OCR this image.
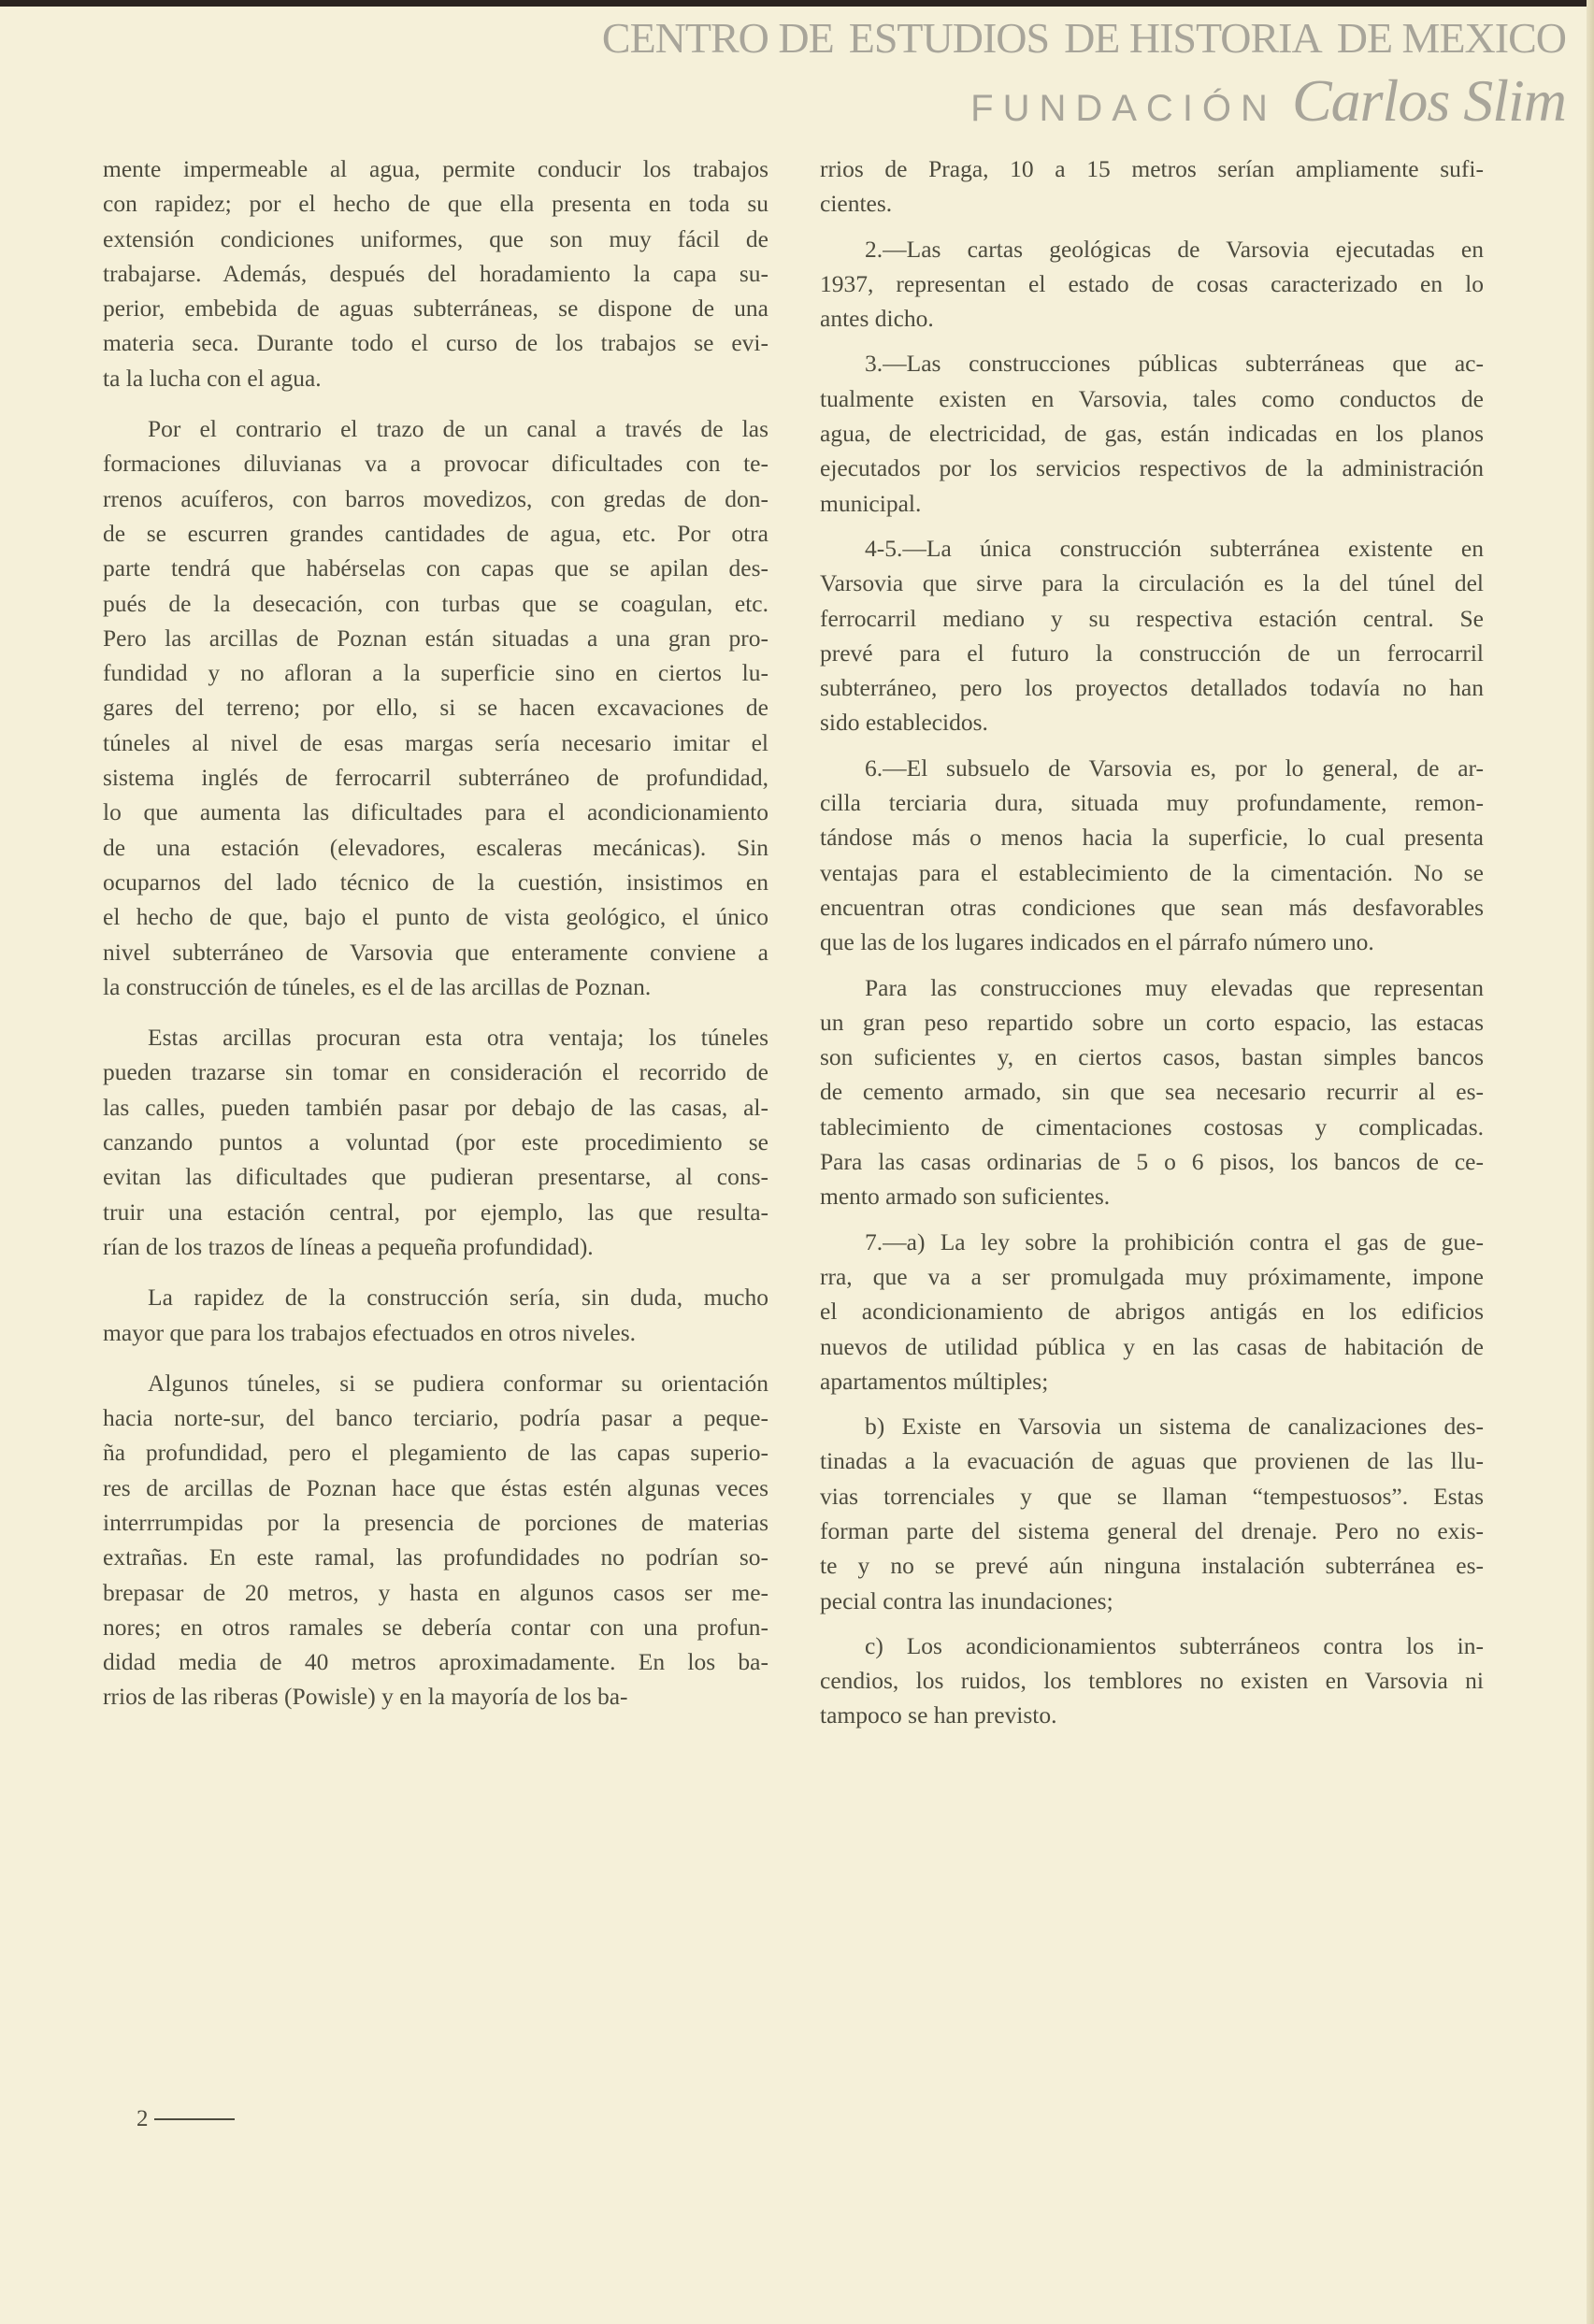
mente impermeable al agua, permite conducir los trabajos
con rapidez; por el hecho de que ella presenta en toda su
extensión condiciones uniformes, que son muy fácil de
trabajarse. Además, después del horadamiento la capa su-
perior, embebida de aguas subterráneas, se dispone de una
materia seca. Durante todo el curso de los trabajos se evi-
ta la lucha con el agua.
Por el contrario el trazo de un canal a través de las
formaciones diluvianas va a provocar dificultades con te-
rrenos acuíferos, con barros movedizos, con gredas de don-
de se escurren grandes cantidades de agua, etc. Por otra
parte tendrá que habérselas con capas que se apilan des-
pués de la desecación, con turbas que se coagulan, etc.
Pero las arcillas de Poznan están situadas a una gran pro-
fundidad y no afloran a la superficie sino en ciertos lu-
gares del terreno; por ello, si se hacen excavaciones de
túneles al nivel de esas margas sería necesario imitar el
sistema inglés de ferrocarril subterráneo de profundidad,
lo que aumenta las dificultades para el acondicionamiento
de una estación (elevadores, escaleras mecánicas). Sin
ocuparnos del lado técnico de la cuestión, insistimos en
el hecho de que, bajo el punto de vista geológico, el único
nivel subterráneo de Varsovia que enteramente conviene a
la construcción de túneles, es el de las arcillas de Poznan.
Estas arcillas procuran esta otra ventaja; los túneles
pueden trazarse sin tomar en consideración el recorrido de
las calles, pueden también pasar por debajo de las casas, al-
canzando puntos a voluntad (por este procedimiento se
evitan las dificultades que pudieran presentarse, al cons-
truir una estación central, por ejemplo, las que resulta-
rían de los trazos de líneas a pequeña profundidad).
La rapidez de la construcción sería, sin duda, mucho
mayor que para los trabajos efectuados en otros niveles.
Algunos túneles, si se pudiera conformar su orientación
hacia norte-sur, del banco terciario, podría pasar a peque-
ña profundidad, pero el plegamiento de las capas superio-
res de arcillas de Poznan hace que éstas estén algunas veces
interrrumpidas por la presencia de porciones de materias
extrañas. En este ramal, las profundidades no podrían so-
brepasar de 20 metros, y hasta en algunos casos ser me-
nores; en otros ramales se debería contar con una profun-
didad media de 40 metros aproximadamente. En los ba-
rrios de las riberas (Powisle) y en la mayoría de los ba-
rrios de Praga, 10 a 15 metros serían ampliamente sufi-
cientes.
2.—Las cartas geológicas de Varsovia ejecutadas en
1937, representan el estado de cosas caracterizado en lo
antes dicho.
3.—Las construcciones públicas subterráneas que ac-
tualmente existen en Varsovia, tales como conductos de
agua, de electricidad, de gas, están indicadas en los planos
ejecutados por los servicios respectivos de la administración
municipal.
4-5.—La única construcción subterránea existente en
Varsovia que sirve para la circulación es la del túnel del
ferrocarril mediano y su respectiva estación central. Se
prevé para el futuro la construcción de un ferrocarril
subterráneo, pero los proyectos detallados todavía no han
sido establecidos.
6.—El subsuelo de Varsovia es, por lo general, de ar-
cilla terciaria dura, situada muy profundamente, remon-
tándose más o menos hacia la superficie, lo cual presenta
ventajas para el establecimiento de la cimentación. No se
encuentran otras condiciones que sean más desfavorables
que las de los lugares indicados en el párrafo número uno.
Para las construcciones muy elevadas que representan
un gran peso repartido sobre un corto espacio, las estacas
son suficientes y, en ciertos casos, bastan simples bancos
de cemento armado, sin que sea necesario recurrir al es-
tablecimiento de cimentaciones costosas y complicadas.
Para las casas ordinarias de 5 o 6 pisos, los bancos de ce-
mento armado son suficientes.
7.—a) La ley sobre la prohibición contra el gas de gue-
rra, que va a ser promulgada muy próximamente, impone
el acondicionamiento de abrigos antigás en los edificios
nuevos de utilidad pública y en las casas de habitación de
apartamentos múltiples;
b) Existe en Varsovia un sistema de canalizaciones des-
tinadas a la evacuación de aguas que provienen de las llu-
vias torrenciales y que se llaman “tempestuosos”. Estas
forman parte del sistema general del drenaje. Pero no exis-
te y no se prevé aún ninguna instalación subterránea es-
pecial contra las inundaciones;
c) Los acondicionamientos subterráneos contra los in-
cendios, los ruidos, los temblores no existen en Varsovia ni
tampoco se han previsto.
2
CENTRO DE ESTUDIOS DE HISTORIA DE MEXICO
FUNDACIÓN Carlos Slim
